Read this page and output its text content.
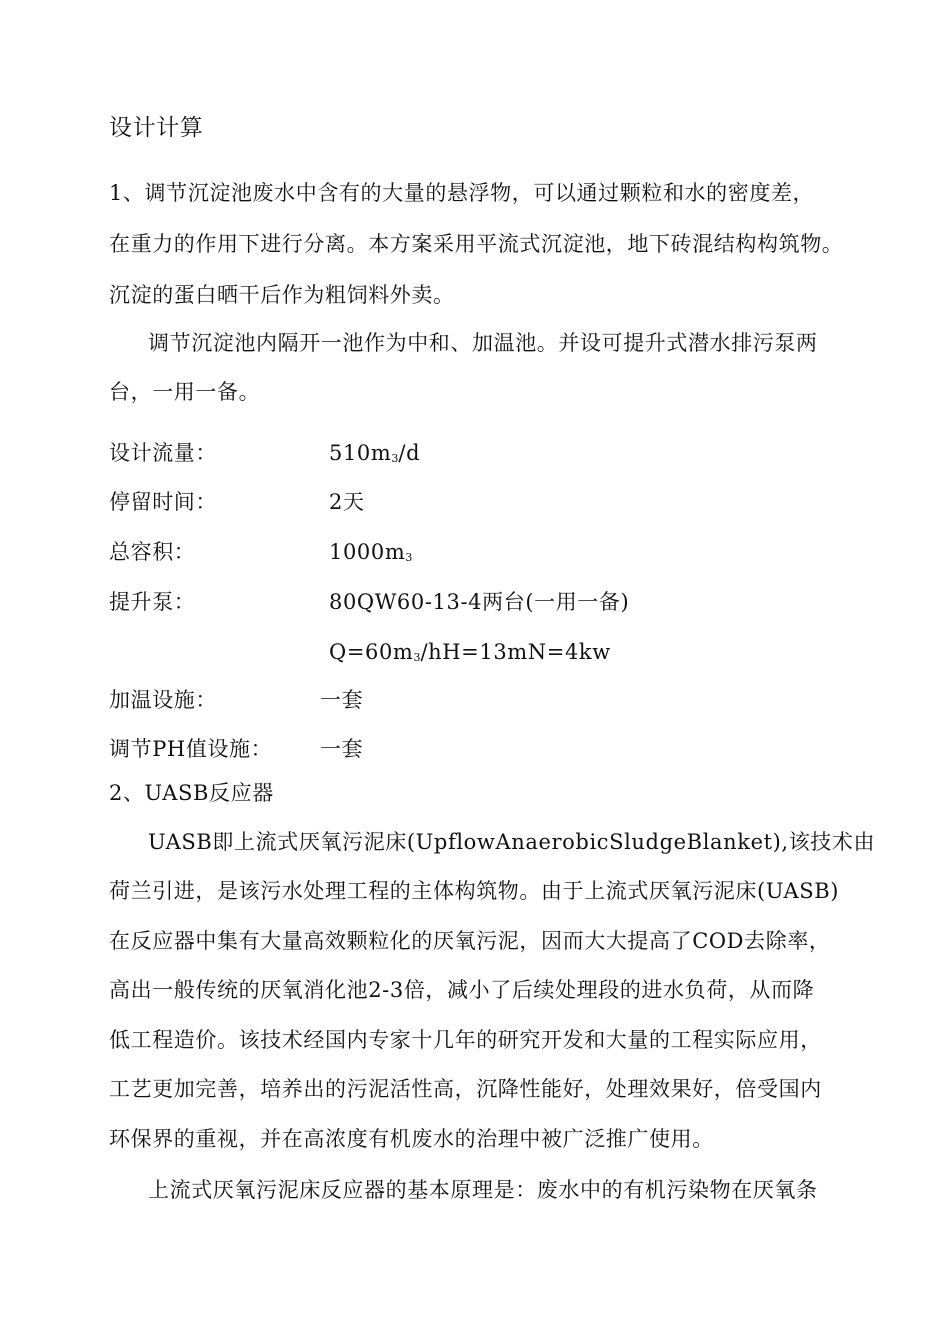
设计计算
1、调节沉淀池废水中含有的大量的悬浮物，可以通过颗粒和水的密度差，
在重力的作用下进行分离。本方案采用平流式沉淀池，地下砖混结构构筑物。
沉淀的蛋白晒干后作为粗饲料外卖。
调节沉淀池内隔开一池作为中和、加温池。并设可提升式潜水排污泵两
台，一用一备。
设计流量：	510m3/d
停留时间：	2天
总容积：	1000m3
提升泵：	80QW60-13-4两台(一用一备)
Q=60m3/hH=13mN=4kw
加温设施：	一套
调节PH值设施： 一套
2、UASB反应器
UASB即上流式厌氧污泥床(UpflowAnaerobicSludgeBlanket),该技术由
荷兰引进，是该污水处理工程的主体构筑物。由于上流式厌氧污泥床(UASB)
在反应器中集有大量高效颗粒化的厌氧污泥，因而大大提高了COD去除率，
高出一般传统的厌氧消化池2-3倍，减小了后续处理段的进水负荷，从而降
低工程造价。该技术经国内专家十几年的研究开发和大量的工程实际应用，
工艺更加完善，培养出的污泥活性高，沉降性能好，处理效果好，倍受国内
环保界的重视，并在高浓度有机废水的治理中被广泛推广使用。
上流式厌氧污泥床反应器的基本原理是：废水中的有机污染物在厌氧条
